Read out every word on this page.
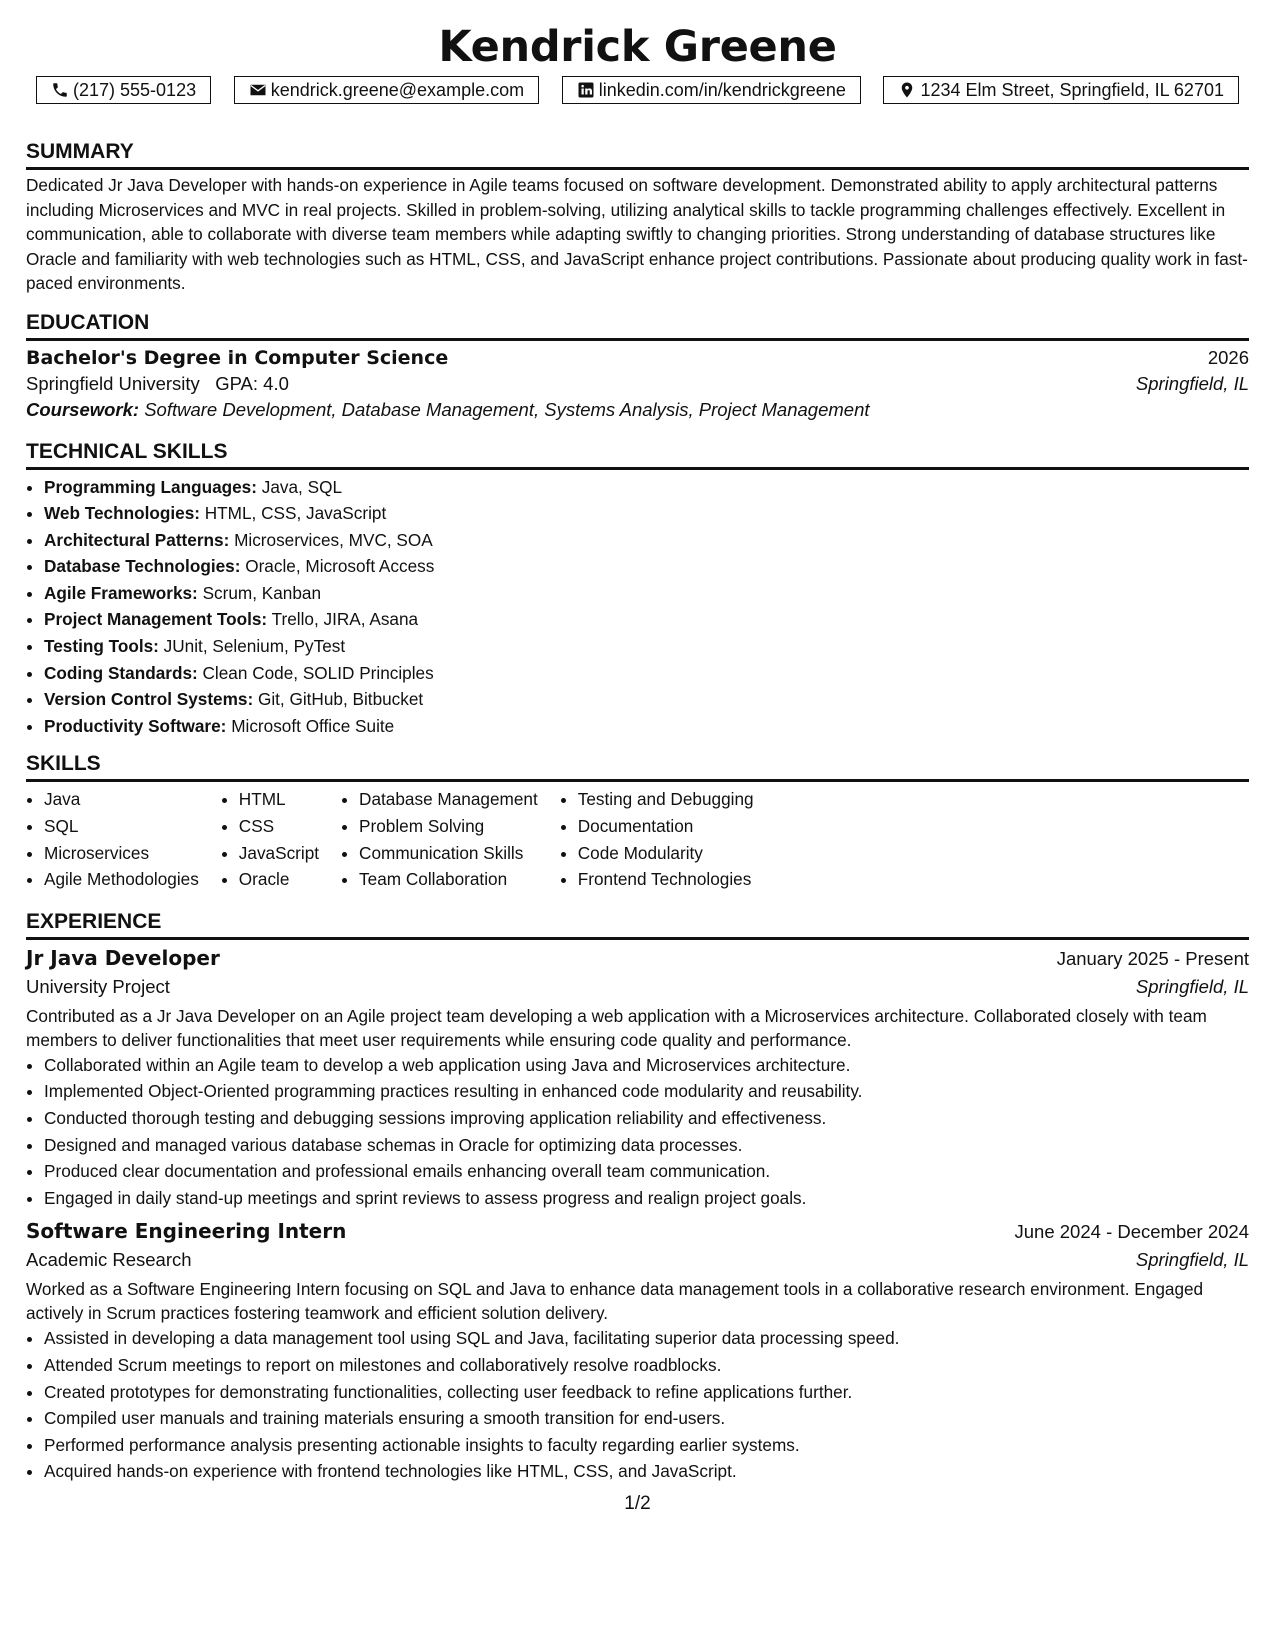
Kendrick Greene
(217) 555-0123	kendrick.greene@example.com	linkedin.com/in/kendrickgreene	1234 Elm Street, Springfield, IL 62701
SUMMARY

Dedicated Jr Java Developer with hands-on experience in Agile teams focused on software development. Demonstrated ability to apply architectural patterns including Microservices and MVC in real projects. Skilled in problem-solving, utilizing analytical skills to tackle programming challenges effectively. Excellent in communication, able to collaborate with diverse team members while adapting swiftly to changing priorities. Strong understanding of database structures like Oracle and familiarity with web technologies such as HTML, CSS, and JavaScript enhance project contributions. Passionate about producing quality work in fast-paced environments.

EDUCATION
Bachelor's Degree in Computer Science	2026
Springfield University GPA: 4.0	Springfield, IL
Coursework: Software Development, Database Management, Systems Analysis, Project Management
TECHNICAL SKILLS
• Programming Languages: Java, SQL
• Web Technologies: HTML, CSS, JavaScript
• Architectural Patterns: Microservices, MVC, SOA
• Database Technologies: Oracle, Microsoft Access
• Agile Frameworks: Scrum, Kanban
• Project Management Tools: Trello, JIRA, Asana
• Testing Tools: JUnit, Selenium, PyTest
• Coding Standards: Clean Code, SOLID Principles
• Version Control Systems: Git, GitHub, Bitbucket
• Productivity Software: Microsoft Office Suite
SKILLS
• Java
• SQL
• Microservices
• Agile Methodologies
• HTML
• CSS
• JavaScript
• Oracle
• Database Management
• Problem Solving
• Communication Skills
• Team Collaboration
• Testing and Debugging
• Documentation
• Code Modularity
• Frontend Technologies
EXPERIENCE
Jr Java Developer	January 2025 - Present
University Project	Springfield, IL

Contributed as a Jr Java Developer on an Agile project team developing a web application with a Microservices architecture. Collaborated closely with team members to deliver functionalities that meet user requirements while ensuring code quality and performance.

• Collaborated within an Agile team to develop a web application using Java and Microservices architecture.
• Implemented Object-Oriented programming practices resulting in enhanced code modularity and reusability.
• Conducted thorough testing and debugging sessions improving application reliability and effectiveness.
• Designed and managed various database schemas in Oracle for optimizing data processes.
• Produced clear documentation and professional emails enhancing overall team communication.
• Engaged in daily stand-up meetings and sprint reviews to assess progress and realign project goals.
Software Engineering Intern	June 2024 - December 2024
Academic Research	Springfield, IL

Worked as a Software Engineering Intern focusing on SQL and Java to enhance data management tools in a collaborative research environment. Engaged actively in Scrum practices fostering teamwork and efficient solution delivery.

• Assisted in developing a data management tool using SQL and Java, facilitating superior data processing speed.
• Attended Scrum meetings to report on milestones and collaboratively resolve roadblocks.
• Created prototypes for demonstrating functionalities, collecting user feedback to refine applications further.
• Compiled user manuals and training materials ensuring a smooth transition for end-users.
• Performed performance analysis presenting actionable insights to faculty regarding earlier systems.
• Acquired hands-on experience with frontend technologies like HTML, CSS, and JavaScript.
1/2
